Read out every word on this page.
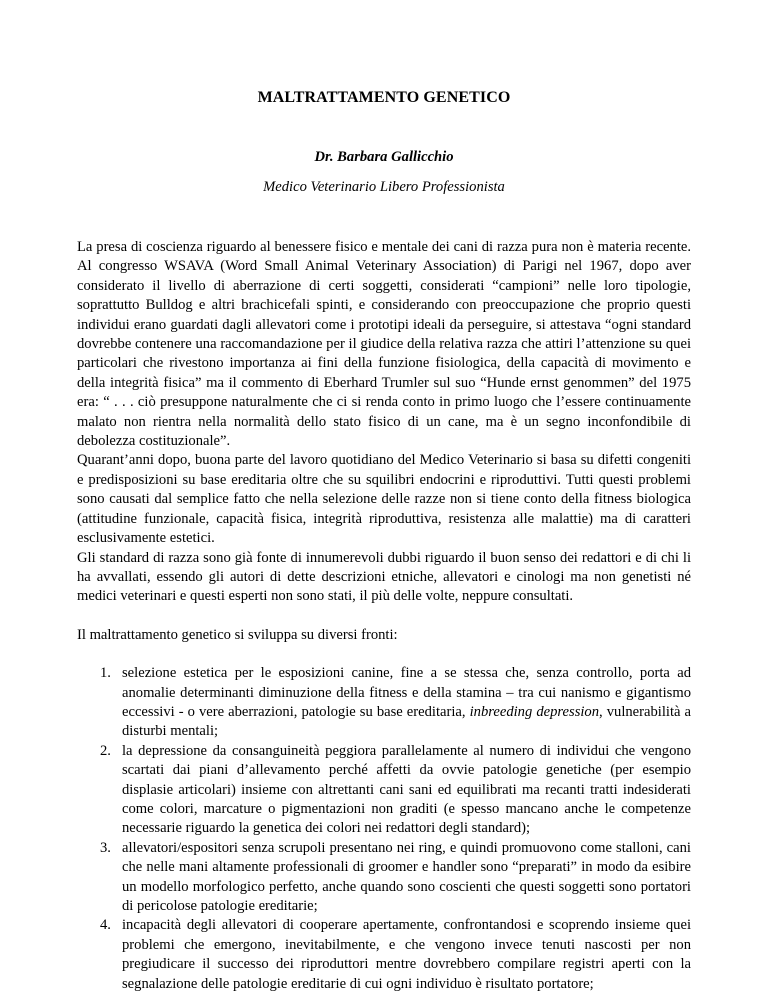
MALTRATTAMENTO GENETICO
Dr. Barbara Gallicchio
Medico Veterinario Libero Professionista

La presa di coscienza riguardo al benessere fisico e mentale dei cani di razza pura non è materia recente. Al congresso WSAVA (Word Small Animal Veterinary Association) di Parigi nel 1967, dopo aver considerato il livello di aberrazione di certi soggetti, considerati “campioni” nelle loro tipologie, soprattutto Bulldog e altri brachicefali spinti, e considerando con preoccupazione che proprio questi individui erano guardati dagli allevatori come i prototipi ideali da perseguire, si attestava “ogni standard dovrebbe contenere una raccomandazione per il giudice della relativa razza che attiri l’attenzione su quei particolari che rivestono importanza ai fini della funzione fisiologica, della capacità di movimento e della integrità fisica” ma il commento di Eberhard Trumler sul suo “Hunde ernst genommen” del 1975 era: “ . . . ciò presuppone naturalmente che ci si renda conto in primo luogo che l’essere continuamente malato non rientra nella normalità dello stato fisico di un cane, ma è un segno inconfondibile di debolezza costituzionale”.

Quarant’anni dopo, buona parte del lavoro quotidiano del Medico Veterinario si basa su difetti congeniti e predisposizioni su base ereditaria oltre che su squilibri endocrini e riproduttivi. Tutti questi problemi sono causati dal semplice fatto che nella selezione delle razze non si tiene conto della fitness biologica (attitudine funzionale, capacità fisica, integrità riproduttiva, resistenza alle malattie) ma di caratteri esclusivamente estetici.

Gli standard di razza sono già fonte di innumerevoli dubbi riguardo il buon senso dei redattori e di chi li ha avvallati, essendo gli autori di dette descrizioni etniche, allevatori e cinologi ma non genetisti né medici veterinari e questi esperti non sono stati, il più delle volte, neppure consultati.

Il maltrattamento genetico si sviluppa su diversi fronti:

1. selezione estetica per le esposizioni canine, fine a se stessa che, senza controllo, porta ad anomalie determinanti diminuzione della fitness e della stamina – tra cui nanismo e gigantismo eccessivi - o vere aberrazioni, patologie su base ereditaria, inbreeding depression, vulnerabilità a disturbi mentali;
2. la depressione da consanguineità peggiora parallelamente al numero di individui che vengono scartati dai piani d’allevamento perché affetti da ovvie patologie genetiche (per esempio displasie articolari) insieme con altrettanti cani sani ed equilibrati ma recanti tratti indesiderati come colori, marcature o pigmentazioni non graditi (e spesso mancano anche le competenze necessarie riguardo la genetica dei colori nei redattori degli standard);
3. allevatori/espositori senza scrupoli presentano nei ring, e quindi promuovono come stalloni, cani che nelle mani altamente professionali di groomer e handler sono “preparati” in modo da esibire un modello morfologico perfetto, anche quando sono coscienti che questi soggetti sono portatori di pericolose patologie ereditarie;
4. incapacità degli allevatori di cooperare apertamente, confrontandosi e scoprendo insieme quei problemi che emergono, inevitabilmente, e che vengono invece tenuti nascosti per non pregiudicare il successo dei riproduttori mentre dovrebbero compilare registri aperti con la segnalazione delle patologie ereditarie di cui ogni individuo è risultato portatore;
